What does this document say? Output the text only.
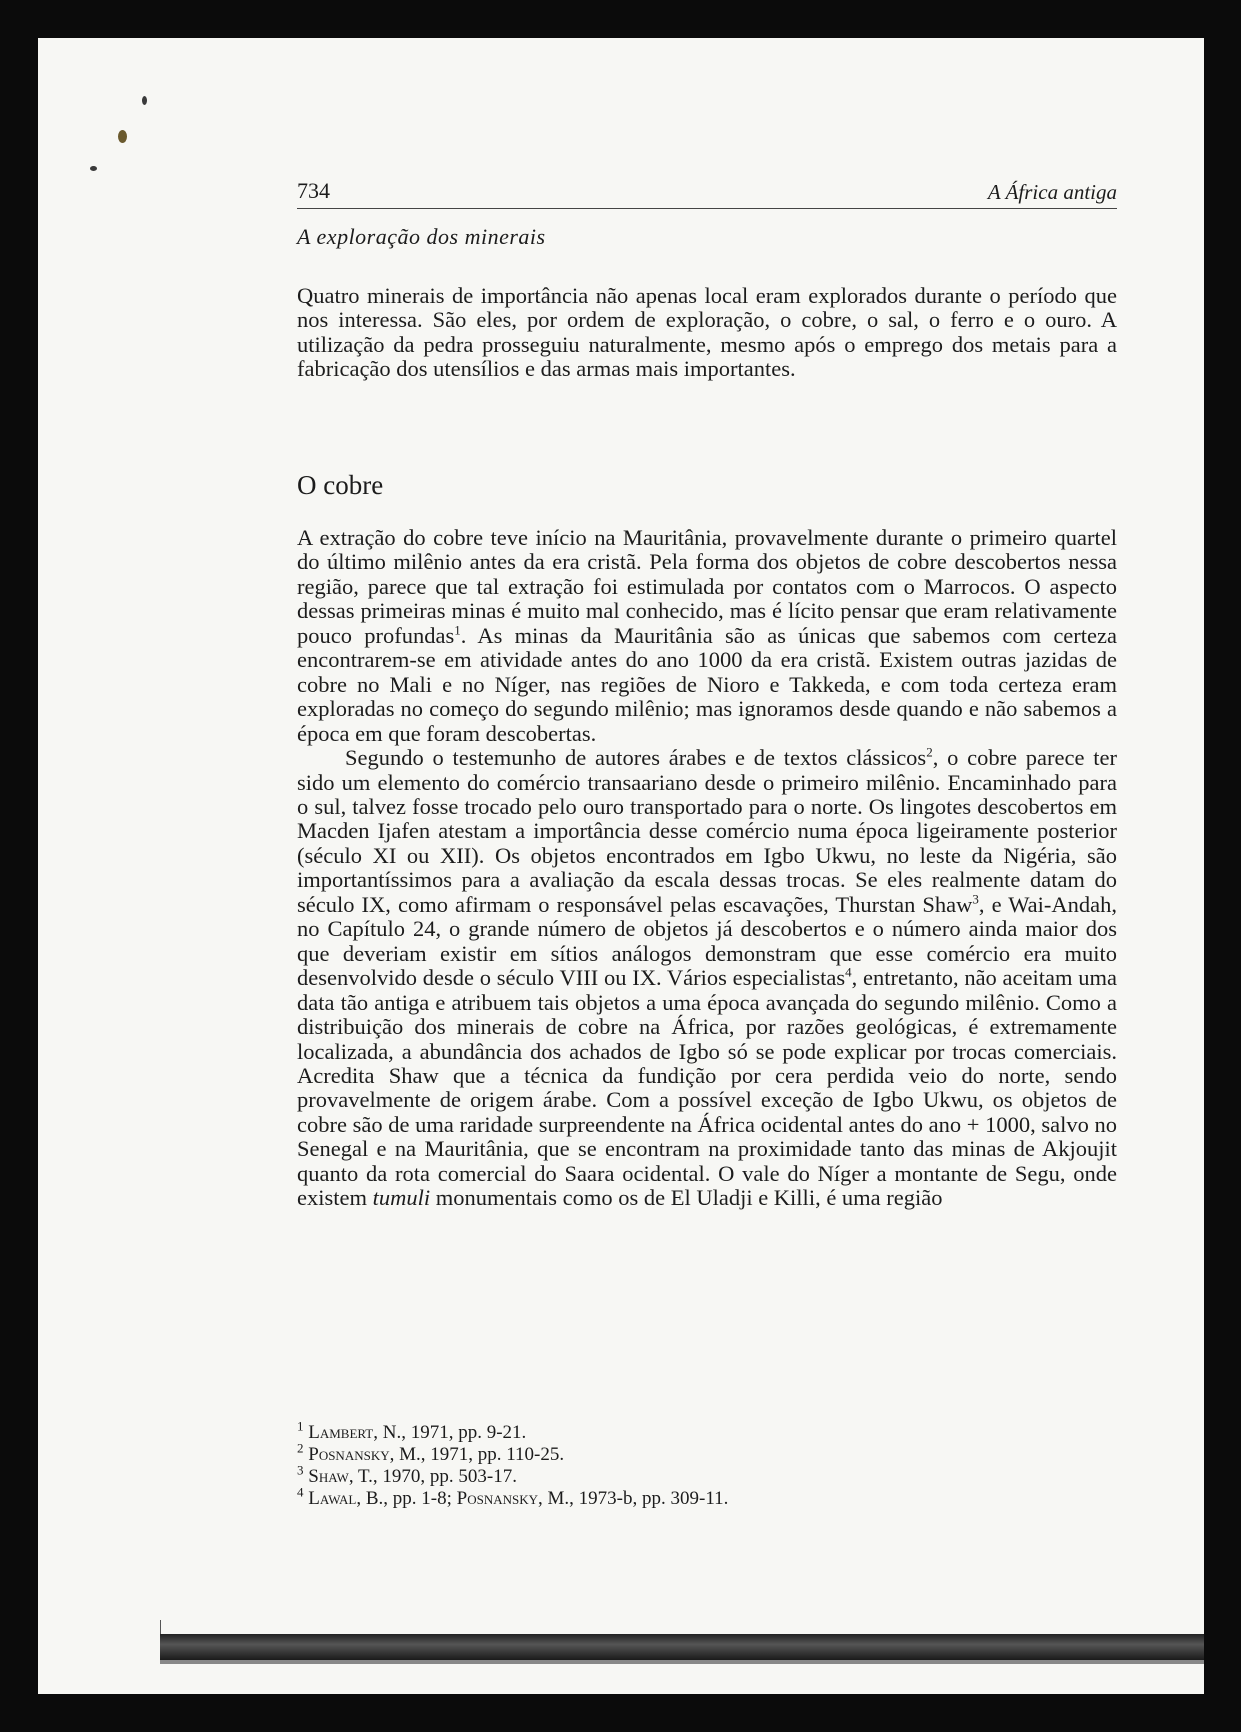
734	A África antiga
A exploração dos minerais

Quatro minerais de importância não apenas local eram explorados durante o período que nos interessa. São eles, por ordem de exploração, o cobre, o sal, o ferro e o ouro. A utilização da pedra prosseguiu naturalmente, mesmo após o emprego dos metais para a fabricação dos utensílios e das armas mais importantes.

O cobre

A extração do cobre teve início na Mauritânia, provavelmente durante o primeiro quartel do último milênio antes da era cristã. Pela forma dos objetos de cobre descobertos nessa região, parece que tal extração foi estimulada por contatos com o Marrocos. O aspecto dessas primeiras minas é muito mal conhecido, mas é lícito pensar que eram relativamente pouco profundas$^1$. As minas da Mauritânia são as únicas que sabemos com certeza encontrarem-se em atividade antes do ano 1000 da era cristã. Existem outras jazidas de cobre no Mali e no Níger, nas regiões de Nioro e Takkeda, e com toda certeza eram exploradas no começo do segundo milênio; mas ignoramos desde quando e não sabemos a época em que foram descobertas.

Segundo o testemunho de autores árabes e de textos clássicos$^2$, o cobre parece ter sido um elemento do comércio transaariano desde o primeiro milênio. Encaminhado para o sul, talvez fosse trocado pelo ouro transportado para o norte. Os lingotes descobertos em Macden Ijafen atestam a importância desse comércio numa época ligeiramente posterior (século XI ou XII). Os objetos encontrados em Igbo Ukwu, no leste da Nigéria, são importantíssimos para a avaliação da escala dessas trocas. Se eles realmente datam do século IX, como afirmam o responsável pelas escavações, Thurstan Shaw$^3$, e Wai-Andah, no Capítulo 24, o grande número de objetos já descobertos e o número ainda maior dos que deveriam existir em sítios análogos demonstram que esse comércio era muito desenvolvido desde o século VIII ou IX. Vários especialistas$^4$, entretanto, não aceitam uma data tão antiga e atribuem tais objetos a uma época avançada do segundo milênio. Como a distribuição dos minerais de cobre na África, por razões geológicas, é extremamente localizada, a abundância dos achados de Igbo só se pode explicar por trocas comerciais. Acredita Shaw que a técnica da fundição por cera perdida veio do norte, sendo provavelmente de origem árabe. Com a possível exceção de Igbo Ukwu, os objetos de cobre são de uma raridade surpreendente na África ocidental antes do ano + 1000, salvo no Senegal e na Mauritânia, que se encontram na proximidade tanto das minas de Akjoujit quanto da rota comercial do Saara ocidental. O vale do Níger a montante de Segu, onde existem tumuli monumentais como os de El Uladji e Killi, é uma região

$^1$ Lambert, N., 1971, pp. 9-21.
$^2$ Posnansky, M., 1971, pp. 110-25.
$^3$ Shaw, T., 1970, pp. 503-17.
$^4$ Lawal, B., pp. 1-8; Posnansky, M., 1973-b, pp. 309-11.
